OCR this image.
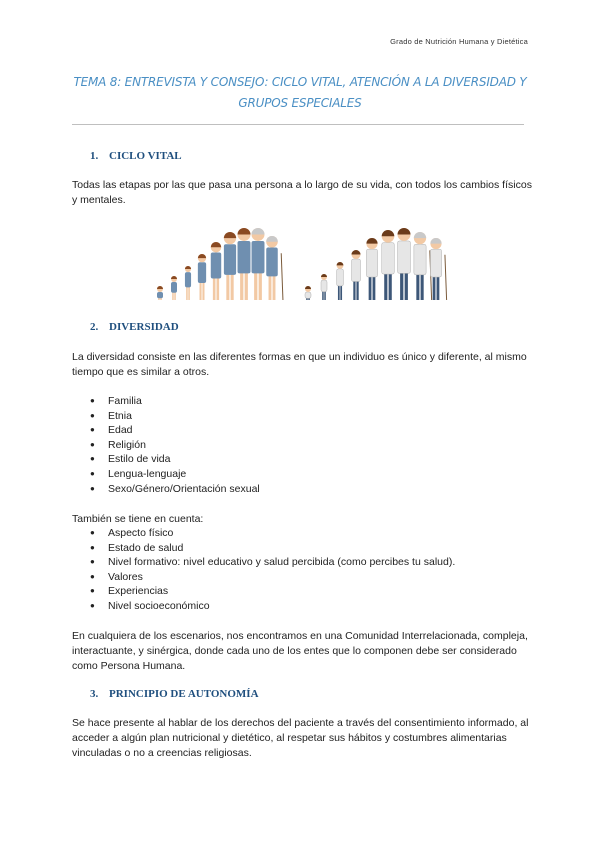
Grado de Nutrición Humana y Dietética
TEMA 8: ENTREVISTA Y CONSEJO: CICLO VITAL, ATENCIÓN A LA DIVERSIDAD Y
GRUPOS ESPECIALES
1. CICLO VITAL
Todas las etapas por las que pasa una persona a lo largo de su vida, con todos los cambios físicos y mentales.
2. DIVERSIDAD
La diversidad consiste en las diferentes formas en que un individuo es único y diferente, al mismo tiempo que es similar a otros.
● Familia
● Etnia
● Edad
● Religión
● Estilo de vida
● Lengua-lenguaje
● Sexo/Género/Orientación sexual
También se tiene en cuenta:
● Aspecto físico
● Estado de salud
● Nivel formativo: nivel educativo y salud percibida (como percibes tu salud).
● Valores
● Experiencias
● Nivel socioeconómico
En cualquiera de los escenarios, nos encontramos en una Comunidad Interrelacionada, compleja, interactuante, y sinérgica, donde cada uno de los entes que lo componen debe ser considerado como Persona Humana.
3. PRINCIPIO DE AUTONOMÍA
Se hace presente al hablar de los derechos del paciente a través del consentimiento informado, al acceder a algún plan nutricional y dietético, al respetar sus hábitos y costumbres alimentarias vinculadas o no a creencias religiosas.
